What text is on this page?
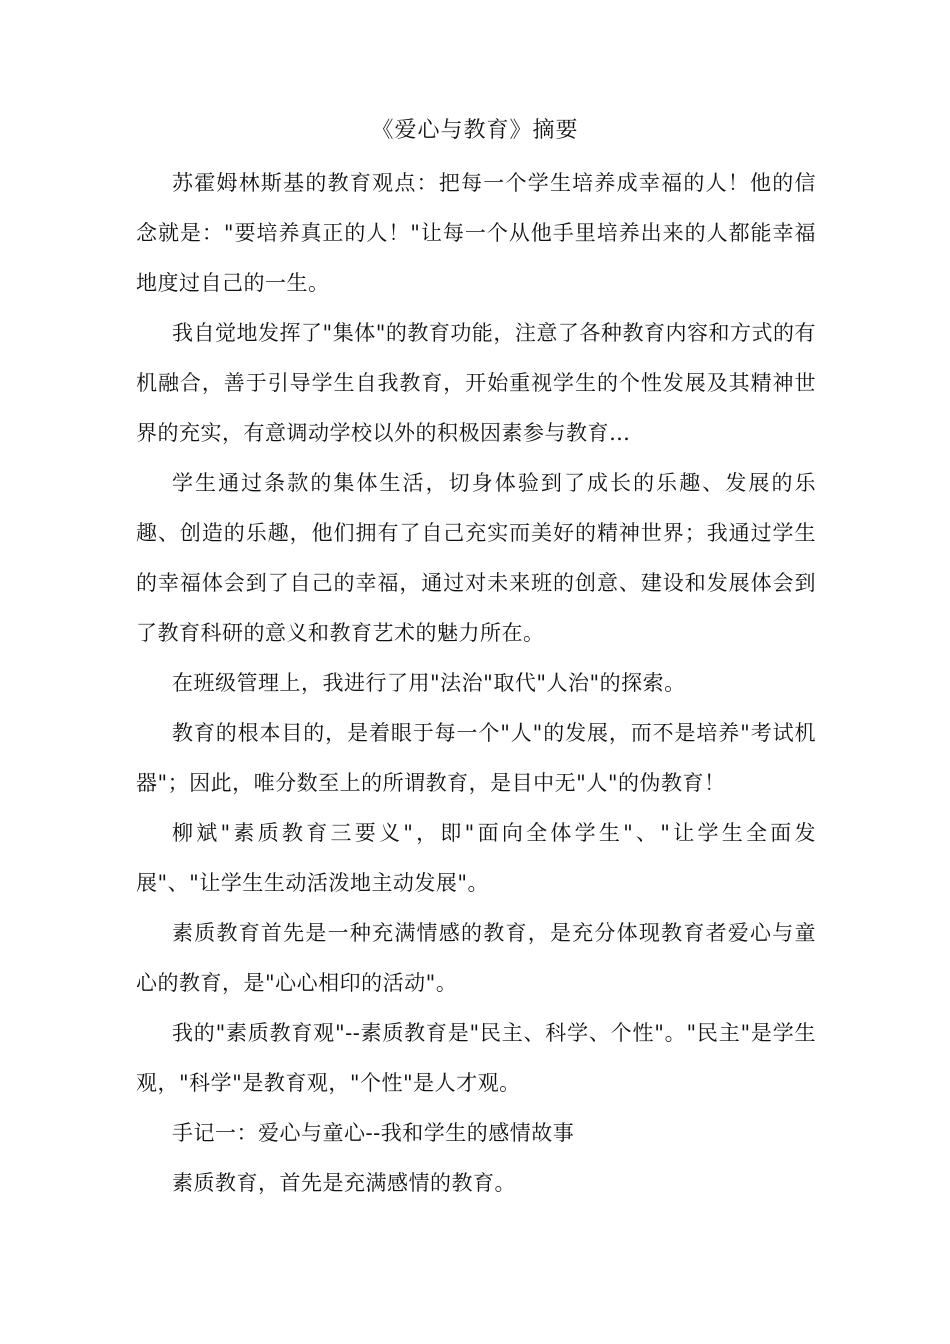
《爱心与教育》摘要

苏霍姆林斯基的教育观点：把每一个学生培养成幸福的人！他的信念就是："要培养真正的人！"让每一个从他手里培养出来的人都能幸福地度过自己的一生。

我自觉地发挥了"集体"的教育功能，注意了各种教育内容和方式的有机融合，善于引导学生自我教育，开始重视学生的个性发展及其精神世界的充实，有意调动学校以外的积极因素参与教育…

学生通过条款的集体生活，切身体验到了成长的乐趣、发展的乐趣、创造的乐趣，他们拥有了自己充实而美好的精神世界；我通过学生的幸福体会到了自己的幸福，通过对未来班的创意、建设和发展体会到了教育科研的意义和教育艺术的魅力所在。

在班级管理上，我进行了用"法治"取代"人治"的探索。

教育的根本目的，是着眼于每一个"人"的发展，而不是培养"考试机器"；因此，唯分数至上的所谓教育，是目中无"人"的伪教育！

柳斌"素质教育三要义"，即"面向全体学生"、"让学生全面发展"、"让学生生动活泼地主动发展"。

素质教育首先是一种充满情感的教育，是充分体现教育者爱心与童心的教育，是"心心相印的活动"。

我的"素质教育观"--素质教育是"民主、科学、个性"。"民主"是学生观，"科学"是教育观，"个性"是人才观。

手记一：爱心与童心--我和学生的感情故事

素质教育，首先是充满感情的教育。
